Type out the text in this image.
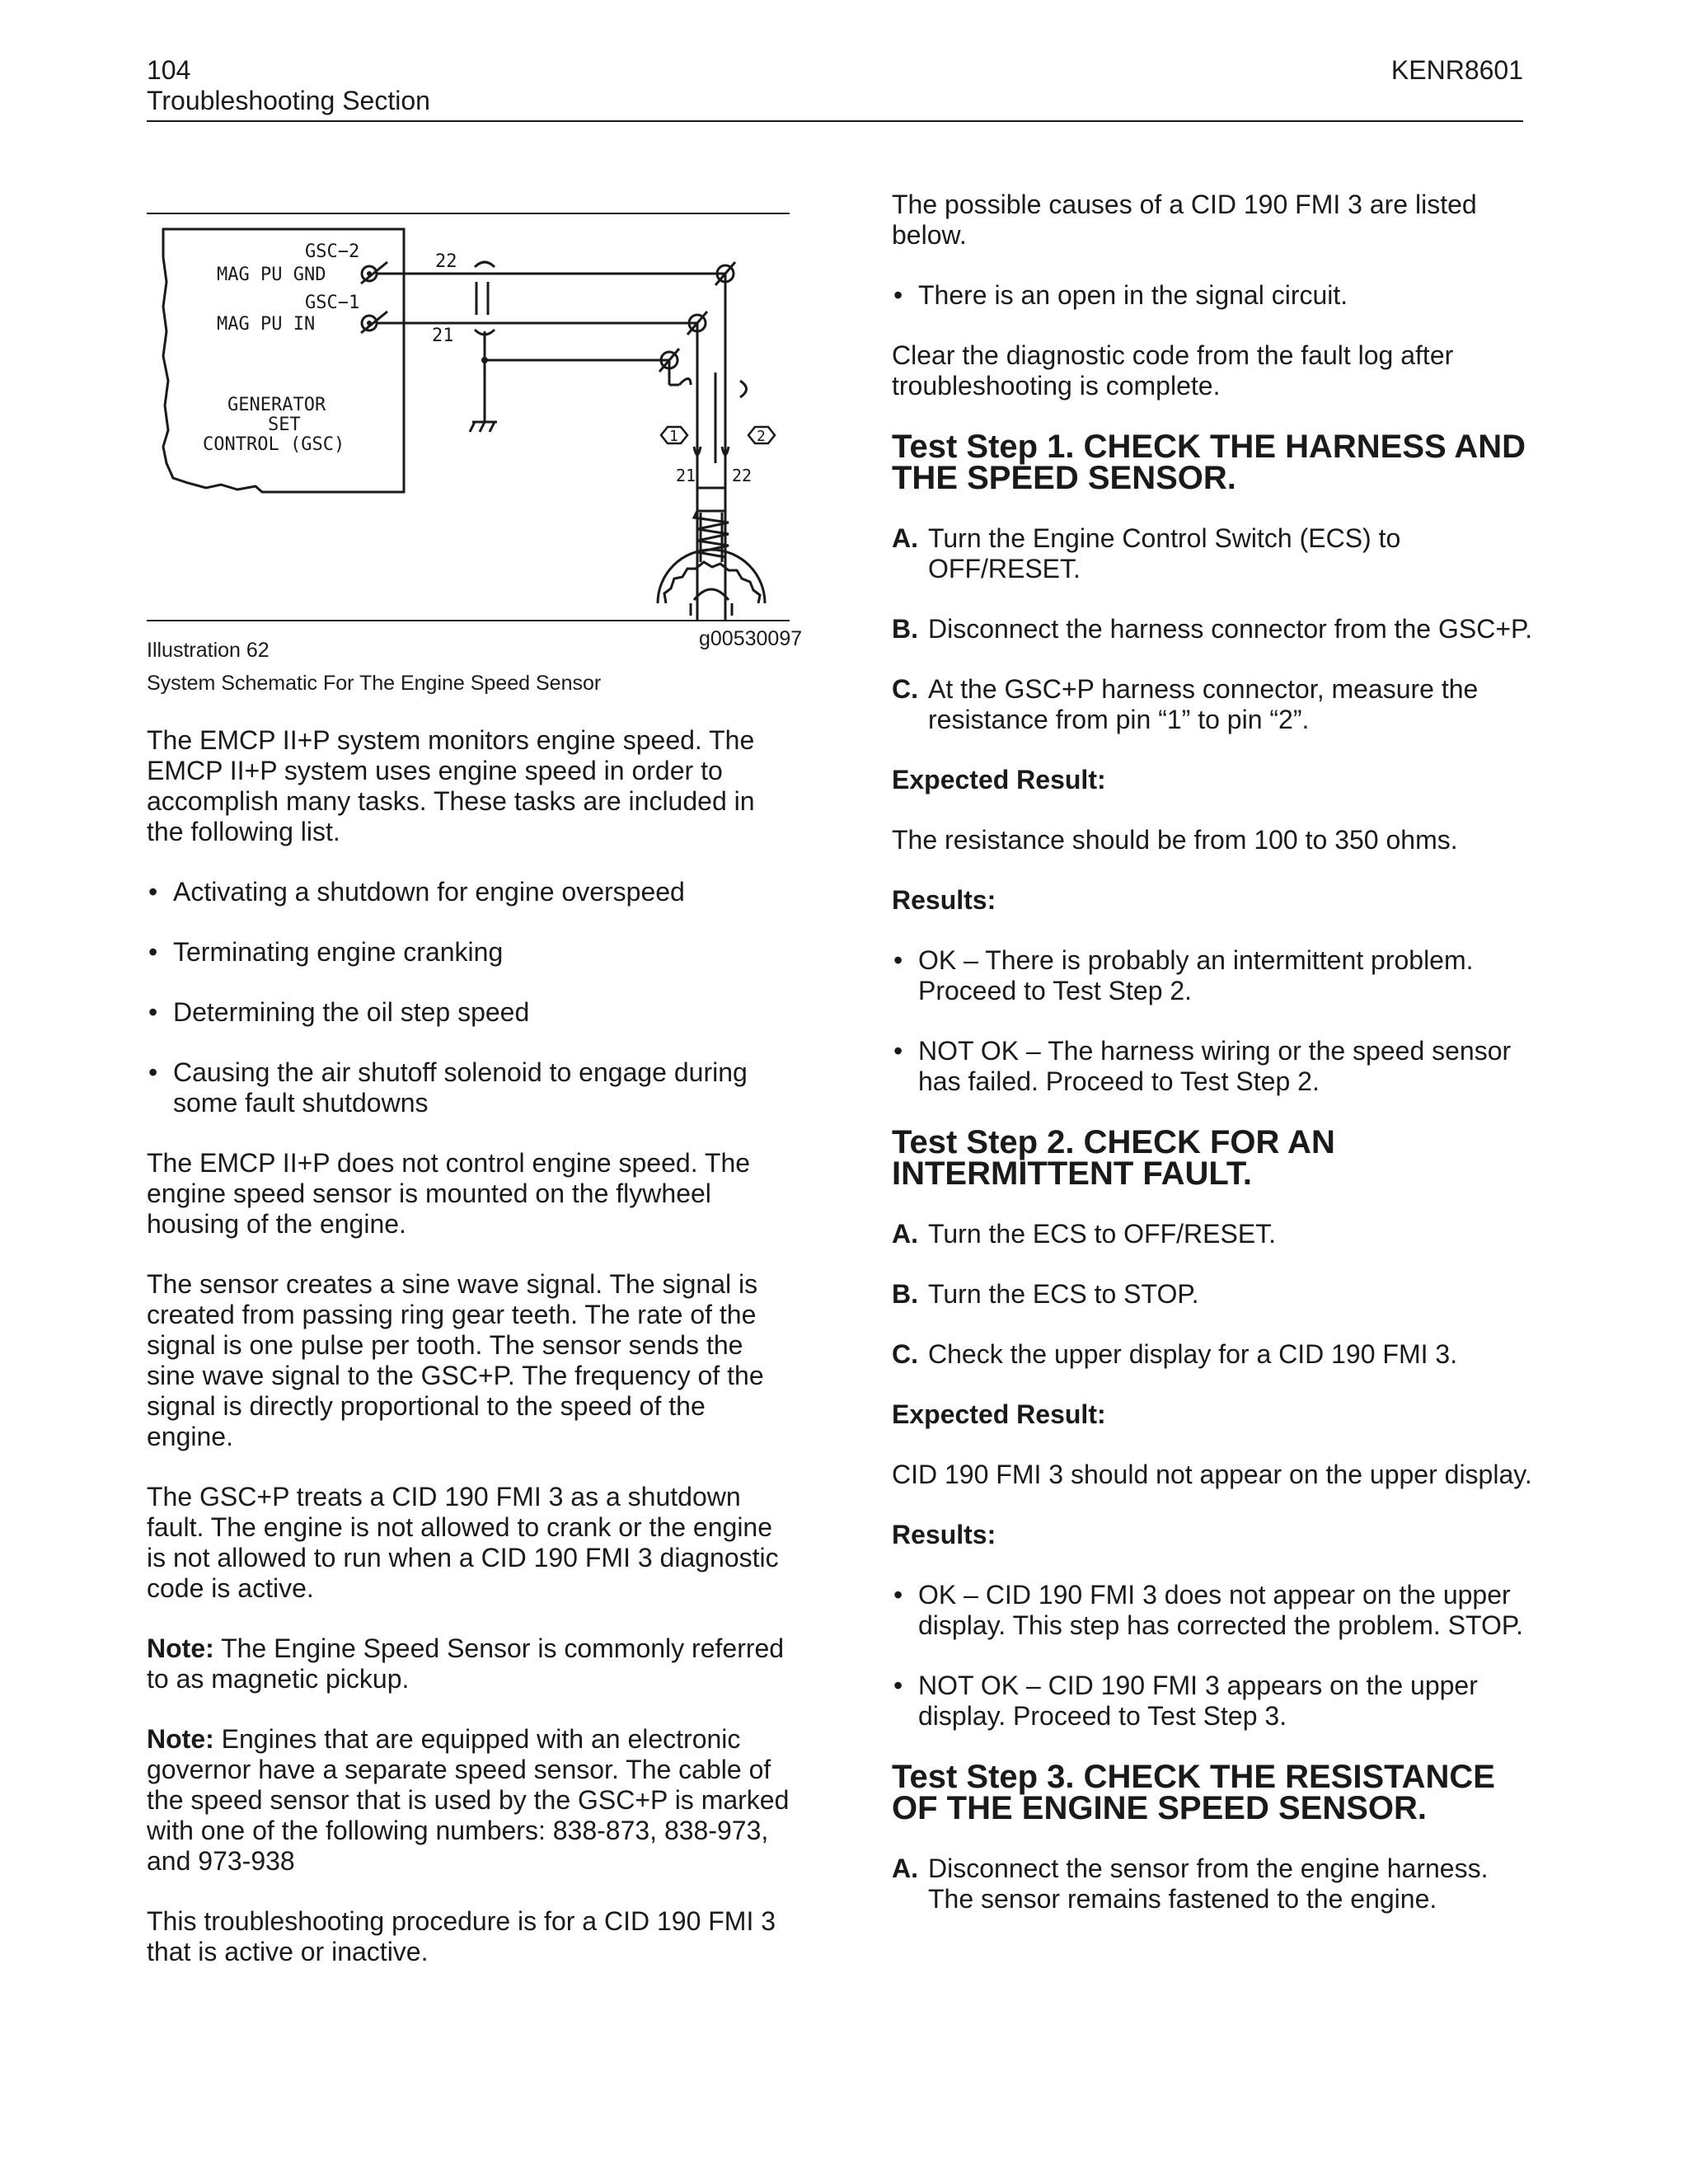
104
Troubleshooting Section
KENR8601
GSC−2
MAG PU GND
GSC−1
MAG PU IN
GENERATOR
SET
CONTROL (GSC)
22
21
1	2
21 22
Illustration 62	g00530097
System Schematic For The Engine Speed Sensor

The EMCP II+P system monitors engine speed. The EMCP II+P system uses engine speed in order to accomplish many tasks. These tasks are included in the following list.

• Activating a shutdown for engine overspeed
• Terminating engine cranking
• Determining the oil step speed
• Causing the air shutoff solenoid to engage during some fault shutdowns

The EMCP II+P does not control engine speed. The engine speed sensor is mounted on the flywheel housing of the engine.

The sensor creates a sine wave signal. The signal is created from passing ring gear teeth. The rate of the signal is one pulse per tooth. The sensor sends the sine wave signal to the GSC+P. The frequency of the signal is directly proportional to the speed of the engine.

The GSC+P treats a CID 190 FMI 3 as a shutdown fault. The engine is not allowed to crank or the engine is not allowed to run when a CID 190 FMI 3 diagnostic code is active.

Note: The Engine Speed Sensor is commonly referred to as magnetic pickup.

Note: Engines that are equipped with an electronic governor have a separate speed sensor. The cable of the speed sensor that is used by the GSC+P is marked with one of the following numbers: 838-873, 838-973, and 973-938

This troubleshooting procedure is for a CID 190 FMI 3 that is active or inactive.

The possible causes of a CID 190 FMI 3 are listed below.

• There is an open in the signal circuit.

Clear the diagnostic code from the fault log after troubleshooting is complete.

Test Step 1. CHECK THE HARNESS AND THE SPEED SENSOR.
A. Turn the Engine Control Switch (ECS) to OFF/RESET.
B. Disconnect the harness connector from the GSC+P.
C. At the GSC+P harness connector, measure the resistance from pin “1” to pin “2”.
Expected Result:

The resistance should be from 100 to 350 ohms.

Results:
• OK – There is probably an intermittent problem. Proceed to Test Step 2.
• NOT OK – The harness wiring or the speed sensor has failed. Proceed to Test Step 2.
Test Step 2. CHECK FOR AN INTERMITTENT FAULT.
A. Turn the ECS to OFF/RESET.
B. Turn the ECS to STOP.
C. Check the upper display for a CID 190 FMI 3.
Expected Result:

CID 190 FMI 3 should not appear on the upper display.

Results:
• OK – CID 190 FMI 3 does not appear on the upper display. This step has corrected the problem. STOP.
• NOT OK – CID 190 FMI 3 appears on the upper display. Proceed to Test Step 3.
Test Step 3. CHECK THE RESISTANCE OF THE ENGINE SPEED SENSOR.
A. Disconnect the sensor from the engine harness. The sensor remains fastened to the engine.
